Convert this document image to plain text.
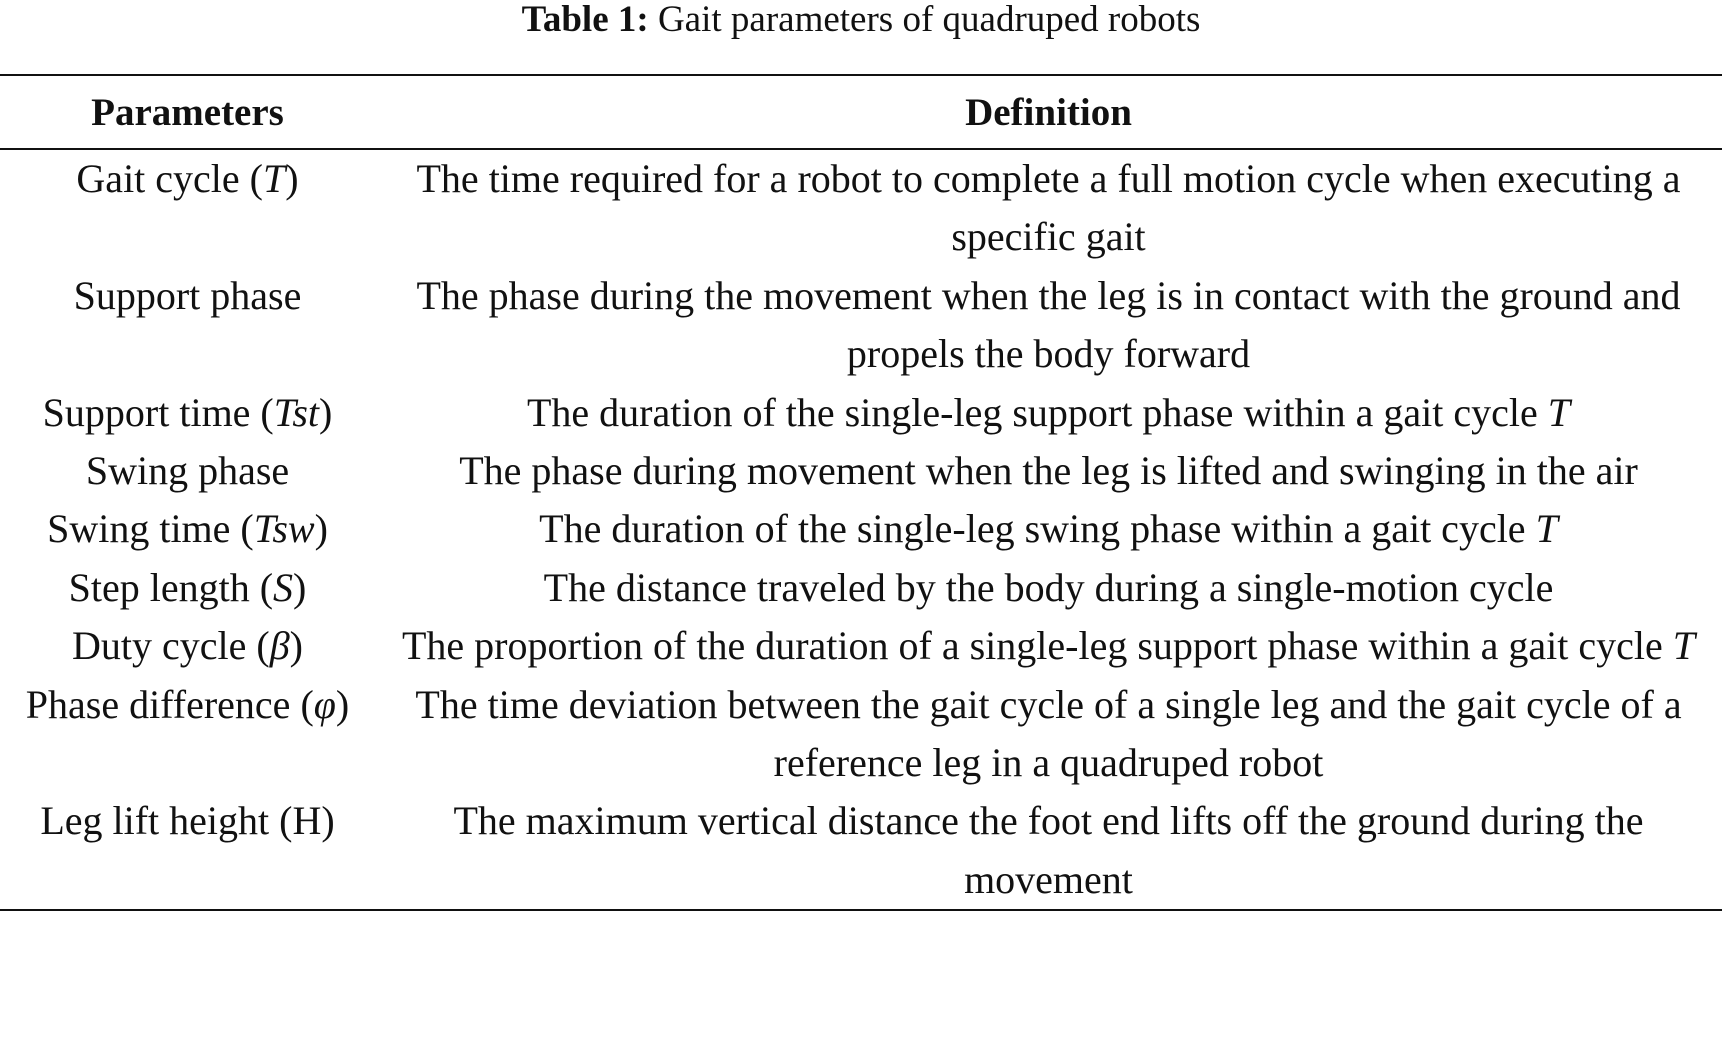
Table 1: Gait parameters of quadruped robots
Parameters	Definition
Gait cycle (T)	The time required for a robot to complete a full motion cycle when executing a specific gait
Support phase	The phase during the movement when the leg is in contact with the ground and propels the body forward
Support time (Tst)	The duration of the single-leg support phase within a gait cycle T
Swing phase	The phase during movement when the leg is lifted and swinging in the air
Swing time (Tsw)	The duration of the single-leg swing phase within a gait cycle T
Step length (S)	The distance traveled by the body during a single-motion cycle
Duty cycle (β)	The proportion of the duration of a single-leg support phase within a gait cycle T
Phase difference (φ)	The time deviation between the gait cycle of a single leg and the gait cycle of a reference leg in a quadruped robot
Leg lift height (H)	The maximum vertical distance the foot end lifts off the ground during the movement
